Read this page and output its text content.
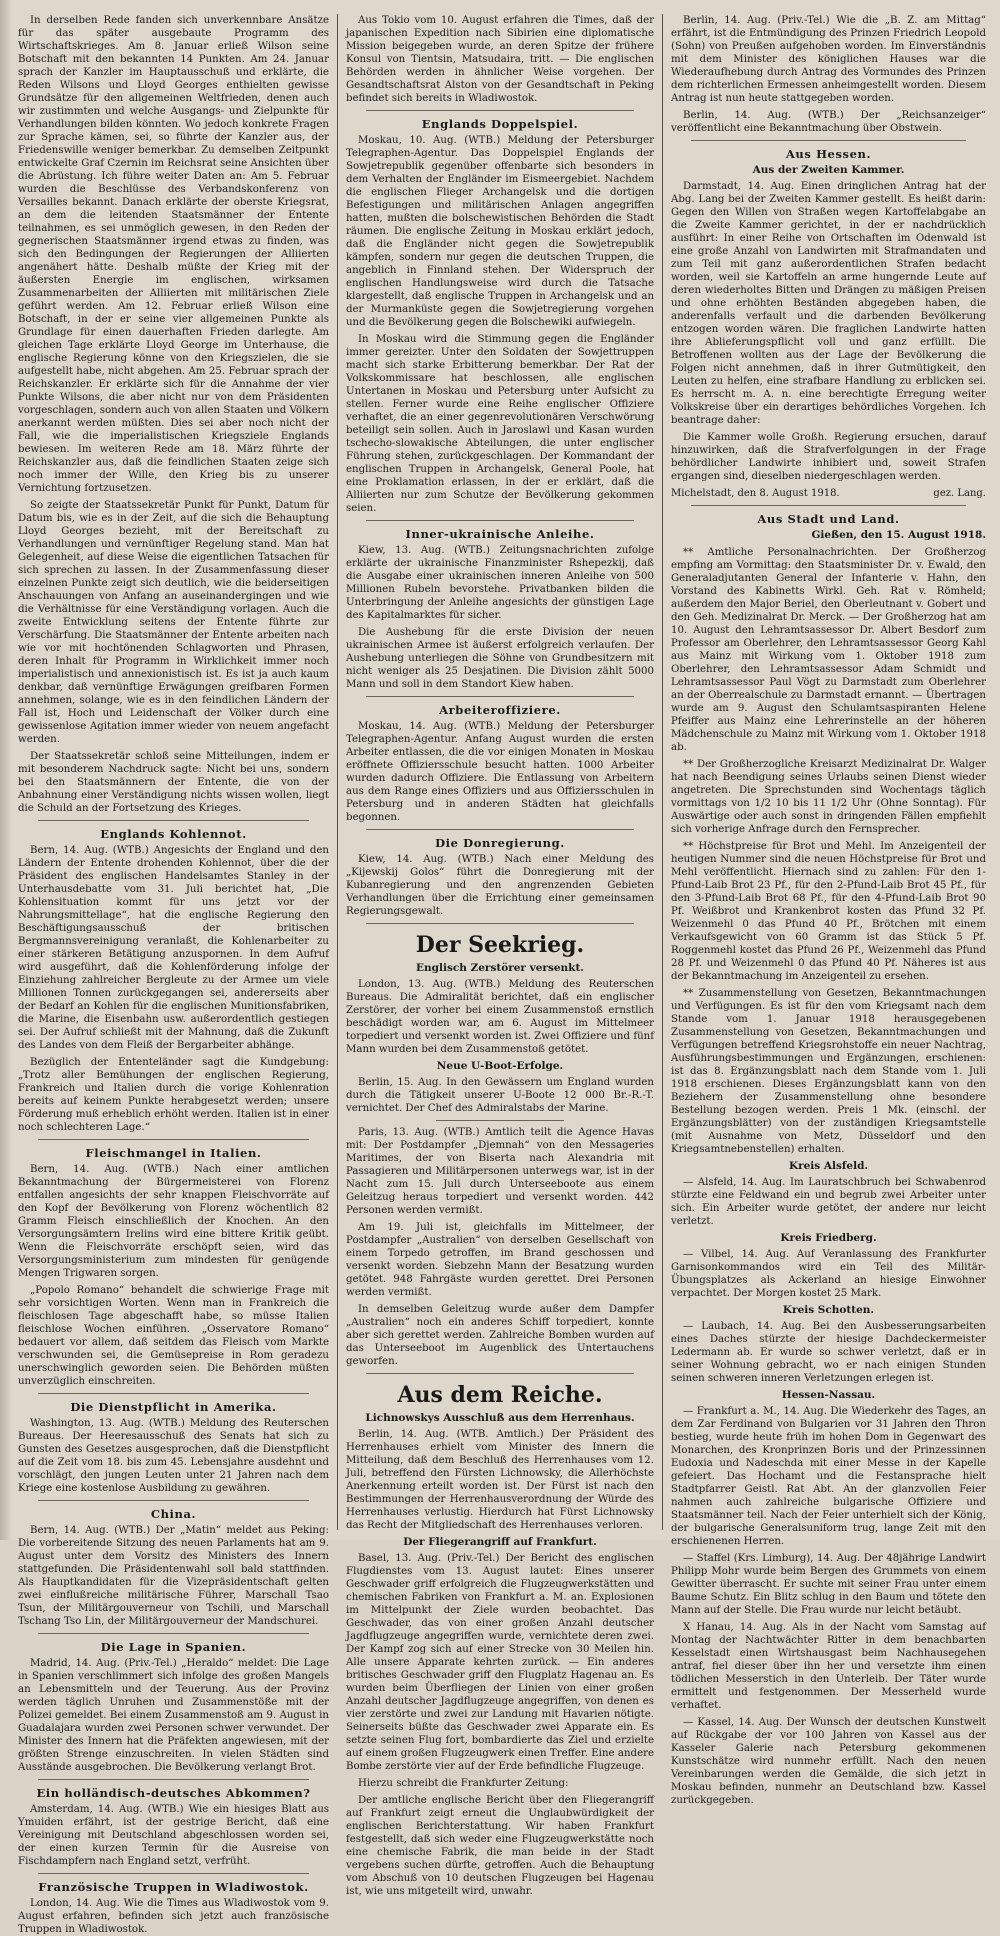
In derselben Rede fanden sich unverkennbare Ansätze für das später ausgebaute Programm des Wirtschaftskrieges. Am 8. Januar erließ Wilson seine Botschaft mit den bekannten 14 Punkten. Am 24. Januar sprach der Kanzler im Hauptausschuß und erklärte, die Reden Wilsons und Lloyd Georges enthielten gewisse Grundsätze für den allgemeinen Weltfrieden, denen auch wir zustimmten und welche Ausgangs- und Zielpunkte für Verhandlungen bilden könnten. Wo jedoch konkrete Fragen zur Sprache kämen, sei, so führte der Kanzler aus, der Friedenswille weniger bemerkbar. Zu demselben Zeitpunkt entwickelte Graf Czernin im Reichsrat seine Ansichten über die Abrüstung. Ich führe weiter Daten an: Am 5. Februar wurden die Beschlüsse des Verbandskonferenz von Versailles bekannt. Danach erklärte der oberste Kriegsrat, an dem die leitenden Staatsmänner der Entente teilnahmen, es sei unmöglich gewesen, in den Reden der gegnerischen Staatsmänner irgend etwas zu finden, was sich den Bedingungen der Regierungen der Alliierten angenähert hätte. Deshalb müßte der Krieg mit der äußersten Energie im englischen, wirksamen Zusammenarbeiten der Alliierten mit militärischen Ziele geführt werden. Am 12. Februar erließ Wilson eine Botschaft, in der er seine vier allgemeinen Punkte als Grundlage für einen dauerhaften Frieden darlegte. Am gleichen Tage erklärte Lloyd George im Unterhause, die englische Regierung könne von den Kriegszielen, die sie aufgestellt habe, nicht abgehen. Am 25. Februar sprach der Reichskanzler. Er erklärte sich für die Annahme der vier Punkte Wilsons, die aber nicht nur von dem Präsidenten vorgeschlagen, sondern auch von allen Staaten und Völkern anerkannt werden müßten. Dies sei aber noch nicht der Fall, wie die imperialistischen Kriegsziele Englands bewiesen. Im weiteren Rede am 18. März führte der Reichskanzler aus, daß die feindlichen Staaten zeige sich noch immer der Wille, den Krieg bis zu unserer Vernichtung fortzusetzen.

So zeigte der Staatssekretär Punkt für Punkt, Datum für Datum bis, wie es in der Zeit, auf die sich die Behauptung Lloyd Georges bezieht, mit der Bereitschaft zu Verhandlungen und vernünftiger Regelung stand. Man hat Gelegenheit, auf diese Weise die eigentlichen Tatsachen für sich sprechen zu lassen. In der Zusammenfassung dieser einzelnen Punkte zeigt sich deutlich, wie die beiderseitigen Anschauungen von Anfang an auseinandergingen und wie die Verhältnisse für eine Verständigung vorlagen. Auch die zweite Entwicklung seitens der Entente führte zur Verschärfung. Die Staatsmänner der Entente arbeiten nach wie vor mit hochtönenden Schlagworten und Phrasen, deren Inhalt für Programm in Wirklichkeit immer noch imperialistisch und annexionistisch ist. Es ist ja auch kaum denkbar, daß vernünftige Erwägungen greifbaren Formen annehmen, solange, wie es in den feindlichen Ländern der Fall ist, Hoch und Leidenschaft der Völker durch eine gewissenlose Agitation immer wieder von neuem angefacht werden.

Der Staatssekretär schloß seine Mitteilungen, indem er mit besonderem Nachdruck sagte: Nicht bei uns, sondern bei den Staatsmännern der Entente, die von der Anbahnung einer Verständigung nichts wissen wollen, liegt die Schuld an der Fortsetzung des Krieges.

Englands Kohlennot.

Bern, 14. Aug. (WTB.) Angesichts der England und den Ländern der Entente drohenden Kohlennot, über die der Präsident des englischen Handelsamtes Stanley in der Unterhausdebatte vom 31. Juli berichtet hat, „Die Kohlensituation kommt für uns jetzt vor der Nahrungsmittellage“, hat die englische Regierung den Beschäftigungsausschuß der britischen Bergmannsvereinigung veranlaßt, die Kohlenarbeiter zu einer stärkeren Betätigung anzuspornen. In dem Aufruf wird ausgeführt, daß die Kohlenförderung infolge der Einziehung zahlreicher Bergleute zu der Armee um viele Millionen Tonnen zurückgegangen sei, andererseits aber der Bedarf an Kohlen für die englischen Munitionsfabriken, die Marine, die Eisenbahn usw. außerordentlich gestiegen sei. Der Aufruf schließt mit der Mahnung, daß die Zukunft des Landes von dem Fleiß der Bergarbeiter abhänge.

Bezüglich der Ententeländer sagt die Kundgebung: „Trotz aller Bemühungen der englischen Regierung, Frankreich und Italien durch die vorige Kohlenration bereits auf keinem Punkte herabgesetzt werden; unsere Förderung muß erheblich erhöht werden. Italien ist in einer noch schlechteren Lage.“

Fleischmangel in Italien.

Bern, 14. Aug. (WTB.) Nach einer amtlichen Bekanntmachung der Bürgermeisterei von Florenz entfallen angesichts der sehr knappen Fleischvorräte auf den Kopf der Bevölkerung von Florenz wöchentlich 82 Gramm Fleisch einschließlich der Knochen. An den Versorgungsämtern Irelins wird eine bittere Kritik geübt. Wenn die Fleischvorräte erschöpft seien, wird das Versorgungsministerium zum mindesten für genügende Mengen Trigwaren sorgen.

„Popolo Romano“ behandelt die schwierige Frage mit sehr vorsichtigen Worten. Wenn man in Frankreich die fleischlosen Tage abgeschafft habe, so müsse Italien fleischlose Wochen einführen. „Osservatore Romano“ bedauert vor allem, daß seitdem das Fleisch vom Markte verschwunden sei, die Gemüsepreise in Rom geradezu unerschwinglich geworden seien. Die Behörden müßten unverzüglich einschreiten.

Die Dienstpflicht in Amerika.

Washington, 13. Aug. (WTB.) Meldung des Reuterschen Bureaus. Der Heeresausschuß des Senats hat sich zu Gunsten des Gesetzes ausgesprochen, daß die Dienstpflicht auf die Zeit vom 18. bis zum 45. Lebensjahre ausdehnt und vorschlägt, den jungen Leuten unter 21 Jahren nach dem Kriege eine kostenlose Ausbildung zu gewähren.

China.

Bern, 14. Aug. (WTB.) Der „Matin“ meldet aus Peking: Die vorbereitende Sitzung des neuen Parlaments hat am 9. August unter dem Vorsitz des Ministers des Innern stattgefunden. Die Präsidentenwahl soll bald stattfinden. Als Hauptkandidaten für die Vizepräsidentschaft gelten zwei einflußreiche militärische Führer, Marschall Tsao Tsun, der Militärgouverneur von Tschili, und Marschall Tschang Tso Lin, der Militärgouverneur der Mandschurei.

Die Lage in Spanien.

Madrid, 14. Aug. (Priv.-Tel.) „Heraldo“ meldet: Die Lage in Spanien verschlimmert sich infolge des großen Mangels an Lebensmitteln und der Teuerung. Aus der Provinz werden täglich Unruhen und Zusammenstöße mit der Polizei gemeldet. Bei einem Zusammenstoß am 9. August in Guadalajara wurden zwei Personen schwer verwundet. Der Minister des Innern hat die Präfekten angewiesen, mit der größten Strenge einzuschreiten. In vielen Städten sind Ausstände ausgebrochen. Die Bevölkerung verlangt Brot.

Ein holländisch-deutsches Abkommen?

Amsterdam, 14. Aug. (WTB.) Wie ein hiesiges Blatt aus Ymuiden erfährt, ist der gestrige Bericht, daß eine Vereinigung mit Deutschland abgeschlossen worden sei, der einen kurzen Termin für die Ausreise von Fischdampfern nach England setzt, verfrüht.

Französische Truppen in Wladiwostok.

London, 14. Aug. Wie die Times aus Wladiwostok vom 9. August erfahren, befinden sich jetzt auch französische Truppen in Wladiwostok.

Aus Tokio vom 10. August erfahren die Times, daß der japanischen Expedition nach Sibirien eine diplomatische Mission beigegeben wurde, an deren Spitze der frühere Konsul von Tientsin, Matsudaira, tritt. — Die englischen Behörden werden in ähnlicher Weise vorgehen. Der Gesandtschaftsrat Alston von der Gesandtschaft in Peking befindet sich bereits in Wladiwostok.

Englands Doppelspiel.

Moskau, 10. Aug. (WTB.) Meldung der Petersburger Telegraphen-Agentur. Das Doppelspiel Englands der Sowjetrepublik gegenüber offenbarte sich besonders in dem Verhalten der Engländer im Eismeergebiet. Nachdem die englischen Flieger Archangelsk und die dortigen Befestigungen und militärischen Anlagen angegriffen hatten, mußten die bolschewistischen Behörden die Stadt räumen. Die englische Zeitung in Moskau erklärt jedoch, daß die Engländer nicht gegen die Sowjetrepublik kämpfen, sondern nur gegen die deutschen Truppen, die angeblich in Finnland stehen. Der Widerspruch der englischen Handlungsweise wird durch die Tatsache klargestellt, daß englische Truppen in Archangelsk und an der Murmanküste gegen die Sowjetregierung vorgehen und die Bevölkerung gegen die Bolschewiki aufwiegeln.

In Moskau wird die Stimmung gegen die Engländer immer gereizter. Unter den Soldaten der Sowjettruppen macht sich starke Erbitterung bemerkbar. Der Rat der Volkskommissare hat beschlossen, alle englischen Untertanen in Moskau und Petersburg unter Aufsicht zu stellen. Ferner wurde eine Reihe englischer Offiziere verhaftet, die an einer gegenrevolutionären Verschwörung beteiligt sein sollen. Auch in Jaroslawl und Kasan wurden tschecho-slowakische Abteilungen, die unter englischer Führung stehen, zurückgeschlagen. Der Kommandant der englischen Truppen in Archangelsk, General Poole, hat eine Proklamation erlassen, in der er erklärt, daß die Alliierten nur zum Schutze der Bevölkerung gekommen seien.

Inner-ukrainische Anleihe.

Kiew, 13. Aug. (WTB.) Zeitungsnachrichten zufolge erklärte der ukrainische Finanzminister Rshepezkij, daß die Ausgabe einer ukrainischen inneren Anleihe von 500 Millionen Rubeln bevorstehe. Privatbanken bilden die Unterbringung der Anleihe angesichts der günstigen Lage des Kapitalmarktes für sicher.

Die Aushebung für die erste Division der neuen ukrainischen Armee ist äußerst erfolgreich verlaufen. Der Aushebung unterliegen die Söhne von Grundbesitzern mit nicht weniger als 25 Desjatinen. Die Division zählt 5000 Mann und soll in dem Standort Kiew haben.

Arbeiteroffiziere.

Moskau, 14. Aug. (WTB.) Meldung der Petersburger Telegraphen-Agentur. Anfang August wurden die ersten Arbeiter entlassen, die die vor einigen Monaten in Moskau eröffnete Offiziersschule besucht hatten. 1000 Arbeiter wurden dadurch Offiziere. Die Entlassung von Arbeitern aus dem Range eines Offiziers und aus Offiziersschulen in Petersburg und in anderen Städten hat gleichfalls begonnen.

Die Donregierung.

Kiew, 14. Aug. (WTB.) Nach einer Meldung des „Kijewskij Golos“ führt die Donregierung mit der Kubanregierung und den angrenzenden Gebieten Verhandlungen über die Errichtung einer gemeinsamen Regierungsgewalt.

Der Seekrieg.
Englisch Zerstörer versenkt.

London, 13. Aug. (WTB.) Meldung des Reuterschen Bureaus. Die Admiralität berichtet, daß ein englischer Zerstörer, der vorher bei einem Zusammenstoß ernstlich beschädigt worden war, am 6. August im Mittelmeer torpediert und versenkt worden ist. Zwei Offiziere und fünf Mann wurden bei dem Zusammenstoß getötet.

Neue U-Boot-Erfolge.

Berlin, 15. Aug. In den Gewässern um England wurden durch die Tätigkeit unserer U-Boote 12 000 Br.-R.-T. vernichtet. Der Chef des Admiralstabs der Marine.

Paris, 13. Aug. (WTB.) Amtlich teilt die Agence Havas mit: Der Postdampfer „Djemnah“ von den Messageries Maritimes, der von Biserta nach Alexandria mit Passagieren und Militärpersonen unterwegs war, ist in der Nacht zum 15. Juli durch Unterseeboote aus einem Geleitzug heraus torpediert und versenkt worden. 442 Personen werden vermißt.

Am 19. Juli ist, gleichfalls im Mittelmeer, der Postdampfer „Australien“ von derselben Gesellschaft von einem Torpedo getroffen, im Brand geschossen und versenkt worden. Siebzehn Mann der Besatzung wurden getötet. 948 Fahrgäste wurden gerettet. Drei Personen werden vermißt.

In demselben Geleitzug wurde außer dem Dampfer „Australien“ noch ein anderes Schiff torpediert, konnte aber sich gerettet werden. Zahlreiche Bomben wurden auf das Unterseeboot im Augenblick des Untertauchens geworfen.

Aus dem Reiche.
Lichnowskys Ausschluß aus dem Herrenhaus.

Berlin, 14. Aug. (WTB. Amtlich.) Der Präsident des Herrenhauses erhielt vom Minister des Innern die Mitteilung, daß dem Beschluß des Herrenhauses vom 12. Juli, betreffend den Fürsten Lichnowsky, die Allerhöchste Anerkennung erteilt worden ist. Der Fürst ist nach den Bestimmungen der Herrenhausverordnung der Würde des Herrenhauses verlustig. Hierdurch hat Fürst Lichnowsky das Recht der Mitgliedschaft des Herrenhauses verloren.

Der Fliegerangriff auf Frankfurt.

Basel, 13. Aug. (Priv.-Tel.) Der Bericht des englischen Flugdienstes vom 13. August lautet: Eines unserer Geschwader griff erfolgreich die Flugzeugwerkstätten und chemischen Fabriken von Frankfurt a. M. an. Explosionen im Mittelpunkt der Ziele wurden beobachtet. Das Geschwader, das von einer großen Anzahl deutscher Jagdflugzeuge angegriffen wurde, vernichtete deren zwei. Der Kampf zog sich auf einer Strecke von 30 Meilen hin. Alle unsere Apparate kehrten zurück. — Ein anderes britisches Geschwader griff den Flugplatz Hagenau an. Es wurden beim Überfliegen der Linien von einer großen Anzahl deutscher Jagdflugzeuge angegriffen, von denen es vier zerstörte und zwei zur Landung mit Havarien nötigte. Seinerseits büßte das Geschwader zwei Apparate ein. Es setzte seinen Flug fort, bombardierte das Ziel und erzielte auf einem großen Flugzeugwerk einen Treffer. Eine andere Bombe zerstörte vier auf der Erde befindliche Flugzeuge.

Hierzu schreibt die Frankfurter Zeitung:

Der amtliche englische Bericht über den Fliegerangriff auf Frankfurt zeigt erneut die Unglaubwürdigkeit der englischen Berichterstattung. Wir haben Frankfurt festgestellt, daß sich weder eine Flugzeugwerkstätte noch eine chemische Fabrik, die man beide in der Stadt vergebens suchen dürfte, getroffen. Auch die Behauptung vom Abschuß von 10 deutschen Flugzeugen bei Hagenau ist, wie uns mitgeteilt wird, unwahr.

Berlin, 14. Aug. (Priv.-Tel.) Wie die „B. Z. am Mittag“ erfährt, ist die Entmündigung des Prinzen Friedrich Leopold (Sohn) von Preußen aufgehoben worden. Im Einverständnis mit dem Minister des königlichen Hauses war die Wiederaufhebung durch Antrag des Vormundes des Prinzen dem richterlichen Ermessen anheimgestellt worden. Diesem Antrag ist nun heute stattgegeben worden.

Berlin, 14. Aug. (WTB.) Der „Reichsanzeiger“ veröffentlicht eine Bekanntmachung über Obstwein.

Aus Hessen.
Aus der Zweiten Kammer.

Darmstadt, 14. Aug. Einen dringlichen Antrag hat der Abg. Lang bei der Zweiten Kammer gestellt. Es heißt darin: Gegen den Willen von Straßen wegen Kartoffelabgabe an die Zweite Kammer gerichtet, in der er nachdrücklich ausführt: In einer Reihe von Ortschaften im Odenwald ist eine große Anzahl von Landwirten mit Strafmandaten und zum Teil mit ganz außerordentlichen Strafen bedacht worden, weil sie Kartoffeln an arme hungernde Leute auf deren wiederholtes Bitten und Drängen zu mäßigen Preisen und ohne erhöhten Beständen abgegeben haben, die anderenfalls verfault und die darbenden Bevölkerung entzogen worden wären. Die fraglichen Landwirte hatten ihre Ablieferungspflicht voll und ganz erfüllt. Die Betroffenen wollten aus der Lage der Bevölkerung die Folgen nicht annehmen, daß in ihrer Gutmütigkeit, den Leuten zu helfen, eine strafbare Handlung zu erblicken sei. Es herrscht m. A. n. eine berechtigte Erregung weiter Volkskreise über ein derartiges behördliches Vorgehen. Ich beantrage daher:

Die Kammer wolle Großh. Regierung ersuchen, darauf hinzuwirken, daß die Strafverfolgungen in der Frage behördlicher Landwirte inhibiert und, soweit Strafen ergangen sind, dieselben niedergeschlagen werden.

Michelstadt, den 8. August 1918.	gez. Lang.
Aus Stadt und Land.
Gießen, den 15. August 1918.

** Amtliche Personalnachrichten. Der Großherzog empfing am Vormittag: den Staatsminister Dr. v. Ewald, den Generaladjutanten General der Infanterie v. Hahn, den Vorstand des Kabinetts Wirkl. Geh. Rat v. Römheld; außerdem den Major Beriel, den Oberleutnant v. Gobert und den Geh. Medizinalrat Dr. Merck. — Der Großherzog hat am 10. August den Lehramtsassessor Dr. Albert Besdorf zum Professor am Oberlehrer, den Lehramtsassessor Georg Kahl aus Mainz mit Wirkung vom 1. Oktober 1918 zum Oberlehrer, den Lehramtsassessor Adam Schmidt und Lehramtsassessor Paul Vögt zu Darmstadt zum Oberlehrer an der Oberrealschule zu Darmstadt ernannt. — Übertragen wurde am 9. August den Schulamtsaspiranten Helene Pfeiffer aus Mainz eine Lehrerinstelle an der höheren Mädchenschule zu Mainz mit Wirkung vom 1. Oktober 1918 ab.

** Der Großherzogliche Kreisarzt Medizinalrat Dr. Walger hat nach Beendigung seines Urlaubs seinen Dienst wieder angetreten. Die Sprechstunden sind Wochentags täglich vormittags von 1/2 10 bis 11 1/2 Uhr (Ohne Sonntag). Für Auswärtige oder auch sonst in dringenden Fällen empfiehlt sich vorherige Anfrage durch den Fernsprecher.

** Höchstpreise für Brot und Mehl. Im Anzeigenteil der heutigen Nummer sind die neuen Höchstpreise für Brot und Mehl veröffentlicht. Hiernach sind zu zahlen: Für den 1-Pfund-Laib Brot 23 Pf., für den 2-Pfund-Laib Brot 45 Pf., für den 3-Pfund-Laib Brot 68 Pf., für den 4-Pfund-Laib Brot 90 Pf. Weißbrot und Krankenbrot kosten das Pfund 32 Pf. Weizenmehl 0 das Pfund 40 Pf., Brötchen mit einem Verkaufsgewicht von 60 Gramm ist das Stück 5 Pf. Roggenmehl kostet das Pfund 26 Pf., Weizenmehl das Pfund 28 Pf. und Weizenmehl 0 das Pfund 40 Pf. Näheres ist aus der Bekanntmachung im Anzeigenteil zu ersehen.

** Zusammenstellung von Gesetzen, Bekanntmachungen und Verfügungen. Es ist für den vom Kriegsamt nach dem Stande vom 1. Januar 1918 herausgegebenen Zusammenstellung von Gesetzen, Bekanntmachungen und Verfügungen betreffend Kriegsrohstoffe ein neuer Nachtrag, Ausführungsbestimmungen und Ergänzungen, erschienen: ist das 8. Ergänzungsblatt nach dem Stande vom 1. Juli 1918 erschienen. Dieses Ergänzungsblatt kann von den Beziehern der Zusammenstellung ohne besondere Bestellung bezogen werden. Preis 1 Mk. (einschl. der Ergänzungsblätter) von der zuständigen Kriegsamtstelle (mit Ausnahme von Metz, Düsseldorf und den Kriegsamtnebenstellen) erhalten.

Kreis Alsfeld.

— Alsfeld, 14. Aug. Im Lauratschbruch bei Schwabenrod stürzte eine Feldwand ein und begrub zwei Arbeiter unter sich. Ein Arbeiter wurde getötet, der andere nur leicht verletzt.

Kreis Friedberg.

— Vilbel, 14. Aug. Auf Veranlassung des Frankfurter Garnisonkommandos wird ein Teil des Militär-Übungsplatzes als Ackerland an hiesige Einwohner verpachtet. Der Morgen kostet 25 Mark.

Kreis Schotten.

— Laubach, 14. Aug. Bei den Ausbesserungsarbeiten eines Daches stürzte der hiesige Dachdeckermeister Ledermann ab. Er wurde so schwer verletzt, daß er in seiner Wohnung gebracht, wo er nach einigen Stunden seinen schweren inneren Verletzungen erlegen ist.

Hessen-Nassau.

— Frankfurt a. M., 14. Aug. Die Wiederkehr des Tages, an dem Zar Ferdinand von Bulgarien vor 31 Jahren den Thron bestieg, wurde heute früh im hohen Dom in Gegenwart des Monarchen, des Kronprinzen Boris und der Prinzessinnen Eudoxia und Nadeschda mit einer Messe in der Kapelle gefeiert. Das Hochamt und die Festansprache hielt Stadtpfarrer Geistl. Rat Abt. An der glanzvollen Feier nahmen auch zahlreiche bulgarische Offiziere und Staatsmänner teil. Nach der Feier unterhielt sich der König, der bulgarische Generalsuniform trug, lange Zeit mit den erschienenen Herren.

— Staffel (Krs. Limburg), 14. Aug. Der 48jährige Landwirt Philipp Mohr wurde beim Bergen des Grummets von einem Gewitter überrascht. Er suchte mit seiner Frau unter einem Baume Schutz. Ein Blitz schlug in den Baum und tötete den Mann auf der Stelle. Die Frau wurde nur leicht betäubt.

X Hanau, 14. Aug. Als in der Nacht vom Samstag auf Montag der Nachtwächter Ritter in dem benachbarten Kesselstadt einen Wirtshausgast beim Nachhausegehen antraf, fiel dieser über ihn her und versetzte ihm einen tödlichen Messerstich in den Unterleib. Der Täter wurde ermittelt und festgenommen. Der Messerheld wurde verhaftet.

— Kassel, 14. Aug. Der Wunsch der deutschen Kunstwelt auf Rückgabe der vor 100 Jahren von Kassel aus der Kasseler Galerie nach Petersburg gekommenen Kunstschätze wird nunmehr erfüllt. Nach den neuen Vereinbarungen werden die Gemälde, die sich jetzt in Moskau befinden, nunmehr an Deutschland bzw. Kassel zurückgegeben.
